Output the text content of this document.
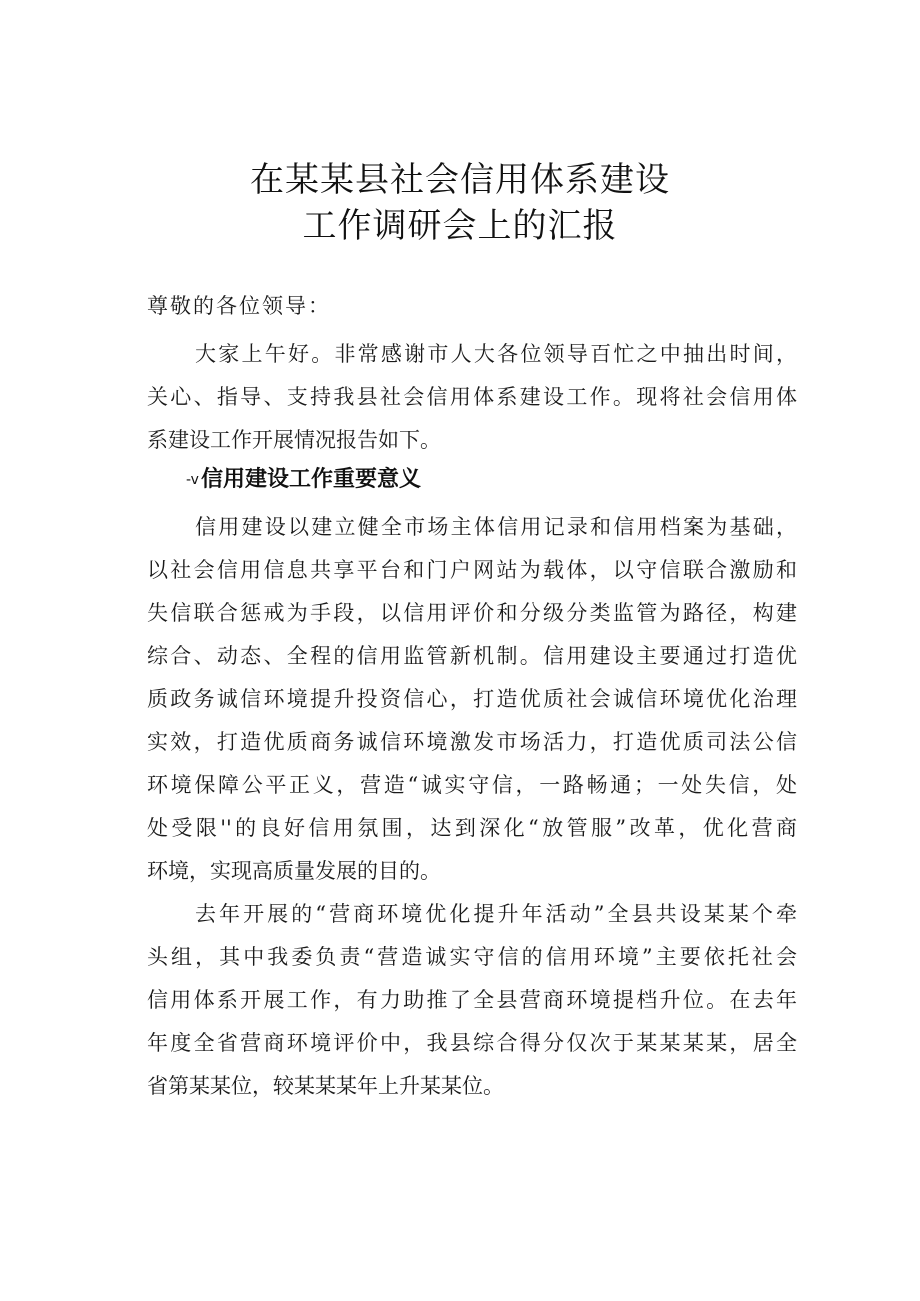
在某某县社会信用体系建设
工作调研会上的汇报
尊敬的各位领导：
大家上午好。非常感谢市人大各位领导百忙之中抽出时间，
关心、指导、支持我县社会信用体系建设工作。现将社会信用体
系建设工作开展情况报告如下。
-v信用建设工作重要意义
信用建设以建立健全市场主体信用记录和信用档案为基础，
以社会信用信息共享平台和门户网站为载体，以守信联合激励和
失信联合惩戒为手段，以信用评价和分级分类监管为路径，构建
综合、动态、全程的信用监管新机制。信用建设主要通过打造优
质政务诚信环境提升投资信心，打造优质社会诚信环境优化治理
实效，打造优质商务诚信环境激发市场活力，打造优质司法公信
环境保障公平正义，营造“诚实守信，一路畅通；一处失信，处
处受限''的良好信用氛围，达到深化“放管服”改革，优化营商
环境，实现高质量发展的目的。
去年开展的“营商环境优化提升年活动”全县共设某某个牵
头组，其中我委负责“营造诚实守信的信用环境”主要依托社会
信用体系开展工作，有力助推了全县营商环境提档升位。在去年
年度全省营商环境评价中，我县综合得分仅次于某某某某，居全
省第某某位，较某某某年上升某某位。
